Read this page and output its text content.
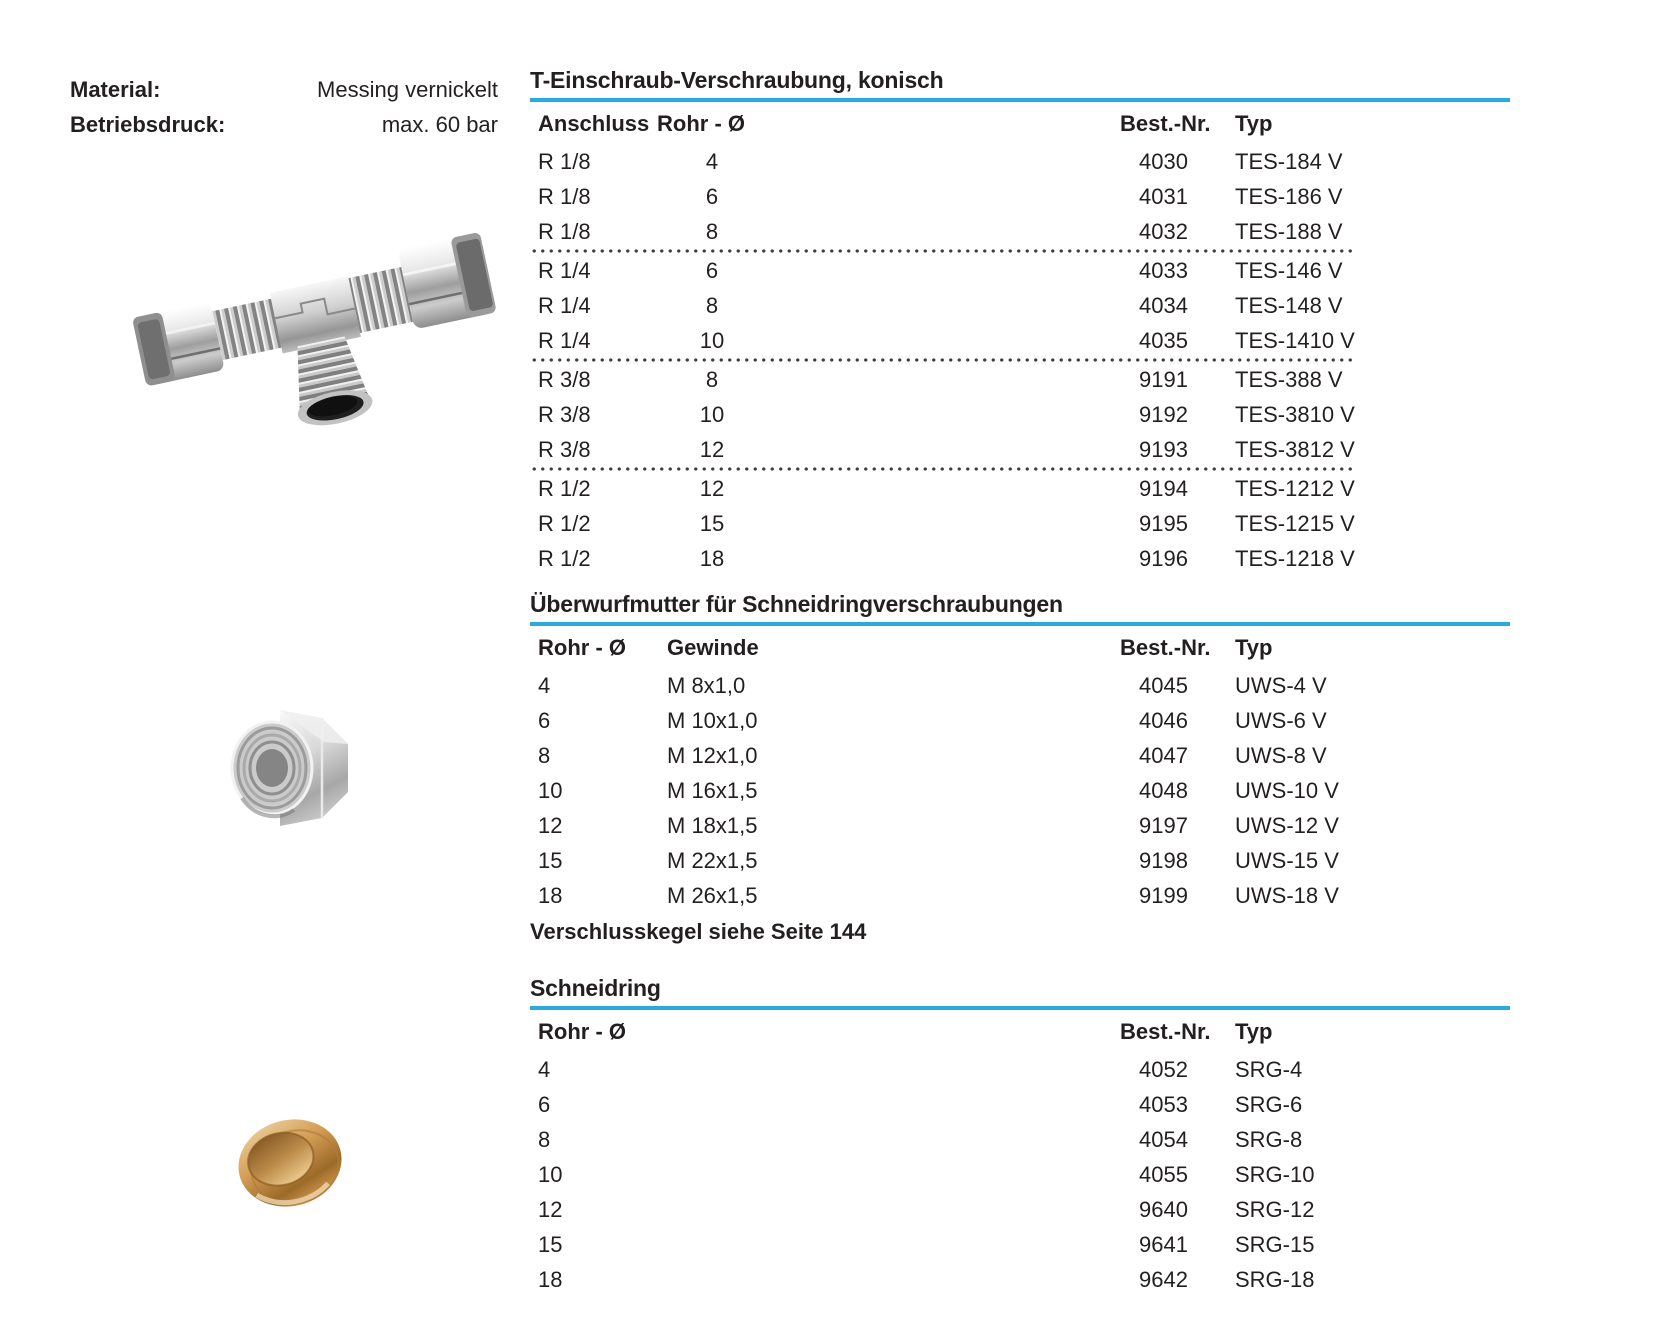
Material:	Messing vernickelt
Betriebsdruck:	max. 60 bar
T-Einschraub-Verschraubung, konisch
Anschluss Rohr - Ø	Best.-Nr. Typ
R 1/8	4	4030	TES-184 V
R 1/8	6	4031	TES-186 V
R 1/8	8	4032	TES-188 V
R 1/4	6	4033	TES-146 V
R 1/4	8	4034	TES-148 V
R 1/4	10	4035	TES-1410 V
R 3/8	8	9191	TES-388 V
R 3/8	10	9192	TES-3810 V
R 3/8	12	9193	TES-3812 V
R 1/2	12	9194	TES-1212 V
R 1/2	15	9195	TES-1215 V
R 1/2	18	9196	TES-1218 V
Überwurfmutter für Schneidringverschraubungen
Rohr - Ø	Gewinde	Best.-Nr. Typ
4	M 8x1,0	4045	UWS-4 V
6	M 10x1,0	4046	UWS-6 V
8	M 12x1,0	4047	UWS-8 V
10	M 16x1,5	4048	UWS-10 V
12	M 18x1,5	9197	UWS-12 V
15	M 22x1,5	9198	UWS-15 V
18	M 26x1,5	9199	UWS-18 V
Verschlusskegel siehe Seite 144
Schneidring
Rohr - Ø	Best.-Nr. Typ
4	4052	SRG-4
6	4053	SRG-6
8	4054	SRG-8
10	4055	SRG-10
12	9640	SRG-12
15	9641	SRG-15
18	9642	SRG-18
